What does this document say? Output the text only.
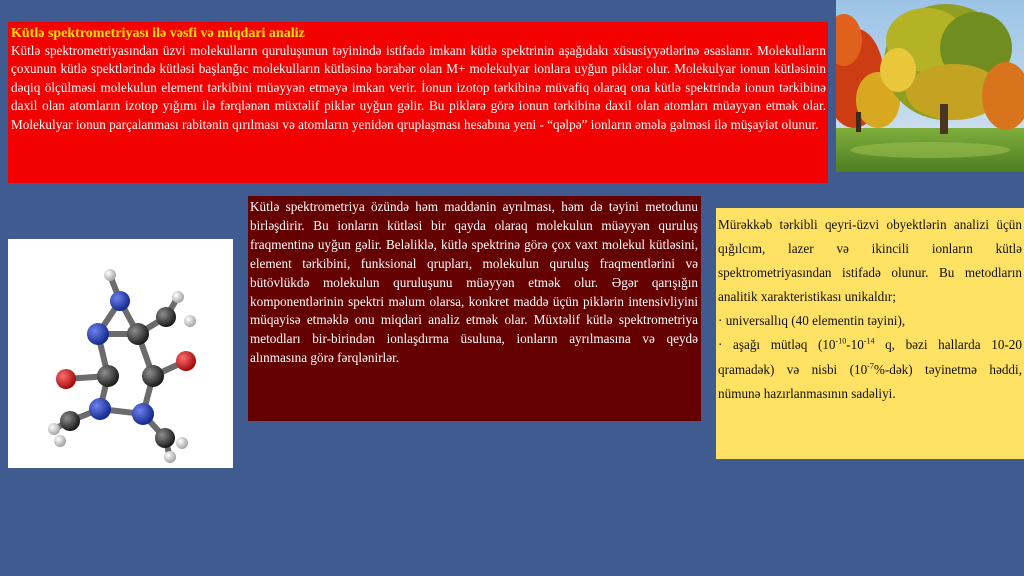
Kütlə spektrometriyası ilə vəsfi və miqdari analiz
Kütlə spektrometriyasından üzvi molekulların quruluşunun təyinində istifadə imkanı kütlə spektrinin aşağıdakı xüsusiyyətlərinə əsaslanır. Molekulların çoxunun kütlə spektlərində kütləsi başlanğıc molekulların kütləsinə bərabər olan M+ molekulyar ionlara uyğun piklər olur. Molekulyar ionun kütləsinin dəqiq ölçülməsi molekulun element tərkibini müəyyən etməyə imkan verir. İonun izotop tərkibinə müvafiq olaraq ona kütlə spektrində ionun tərkibinə daxil olan atomların izotop yığımı ilə fərqlənən müxtəlif piklər uyğun gəlir. Bu piklərə görə ionun tərkibinə daxil olan atomları müəyyən etmək olar. Molekulyar ionun parçalanması rabitənin qırılması və atomların yenidən qruplaşması hesabına yeni - “qəlpə” ionların əmələ gəlməsi ilə müşayiət olunur.
Kütlə spektrometriya özündə həm maddənin ayrılması, həm də təyini metodunu birləşdirir. Bu ionların kütləsi bir qayda olaraq molekulun müəyyən quruluş fraqmentinə uyğun gəlir. Beləliklə, kütlə spektrinə görə çox vaxt molekul kütləsini, element tərkibini, funksional qrupları, molekulun quruluş fraqmentlərini və bütövlükdə molekulun quruluşunu müəyyən etmək olur. Əgər qarışığın komponentlərinin spektri məlum olarsa, konkret maddə üçün piklərin intensivliyini müqayisə etməklə onu miqdari analiz etmək olar. Müxtəlif kütlə spektrometriya metodları bir-birindən ionlaşdırma üsuluna, ionların ayrılmasına və qeydə alınmasına görə fərqlənirlər.
Mürəkkəb tərkibli qeyri-üzvi obyektlərin analizi üçün qığılcım, lazer və ikincili ionların kütlə spektrometriyasından istifadə olunur. Bu metodların analitik xarakteristikası unikaldır;
· universallıq (40 elementin təyini),
· aşağı mütləq ($10^{-10}-10^{-14}$ q, bəzi hallarda 10-20 qramadək) və nisbi $(10^{-7}\%-dək)$ təyinetmə həddi, nümunə hazırlanmasının sadəliyi.
